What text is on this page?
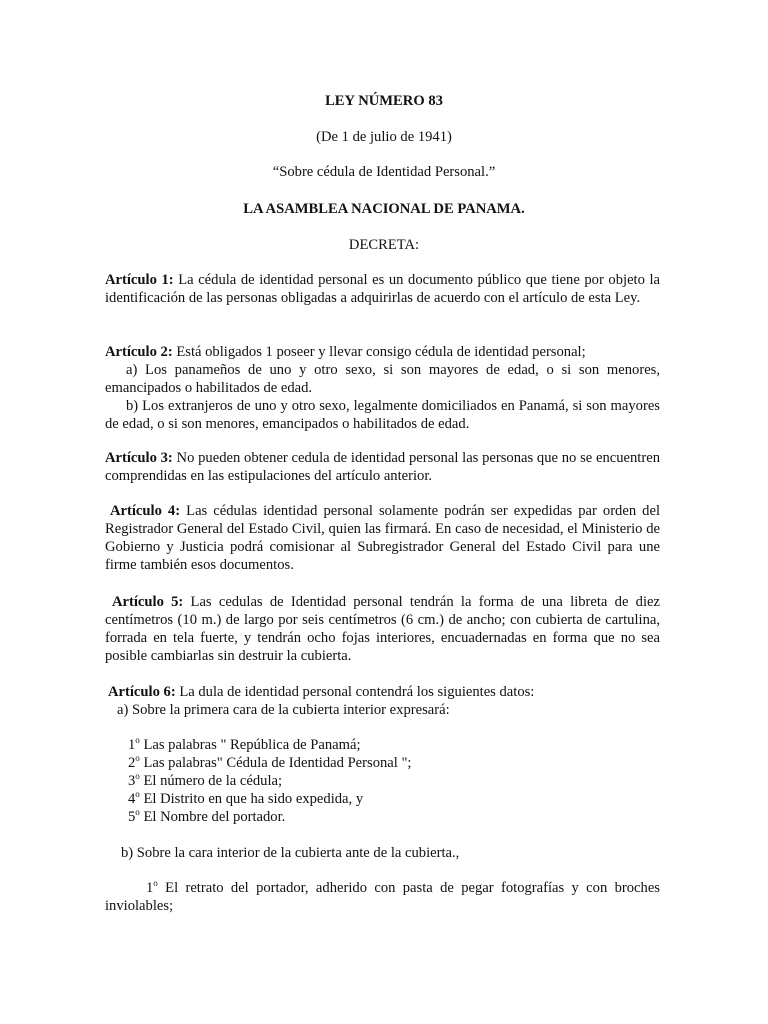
LEY NÚMERO 83

(De 1 de julio de 1941)

“Sobre cédula de Identidad Personal.”

LA ASAMBLEA NACIONAL DE PANAMA.

DECRETA:

Artículo 1: La cédula de identidad personal es un documento público que tiene por objeto la identificación de las personas obligadas a adquirirlas de acuerdo con el artículo de esta Ley.

Artículo 2: Está obligados 1 poseer y llevar consigo cédula de identidad personal;

a) Los panameños de uno y otro sexo, si son mayores de edad, o si son menores, emancipados o habilitados de edad.

b) Los extranjeros de uno y otro sexo, legalmente domiciliados en Panamá, si son mayores de edad, o si son menores, emancipados o habilitados de edad.

Artículo 3: No pueden obtener cedula de identidad personal las personas que no se encuentren comprendidas en las estipulaciones del artículo anterior.

Artículo 4: Las cédulas identidad personal solamente podrán ser expedidas par orden del Registrador General del Estado Civil, quien las firmará. En caso de necesidad, el Ministerio de Gobierno y Justicia podrá comisionar al Subregistrador General del Estado Civil para une firme también esos documentos.

Artículo 5: Las cedulas de Identidad personal tendrán la forma de una libreta de diez centímetros (10 m.) de largo por seis centímetros (6 cm.) de ancho; con cubierta de cartulina, forrada en tela fuerte, y tendrán ocho fojas interiores, encuadernadas en forma que no sea posible cambiarlas sin destruir la cubierta.

Artículo 6: La dula de identidad personal contendrá los siguientes datos:

a) Sobre la primera cara de la cubierta interior expresará:

1$^o$ Las palabras " República de Panamá;
2$^o$ Las palabras" Cédula de Identidad Personal ";
3$^o$ El número de la cédula;
4$^o$ El Distrito en que ha sido expedida, y
5$^o$ El Nombre del portador.

b) Sobre la cara interior de la cubierta ante de la cubierta.,

1$^o$ El retrato del portador, adherido con pasta de pegar fotografías y con broches inviolables;
